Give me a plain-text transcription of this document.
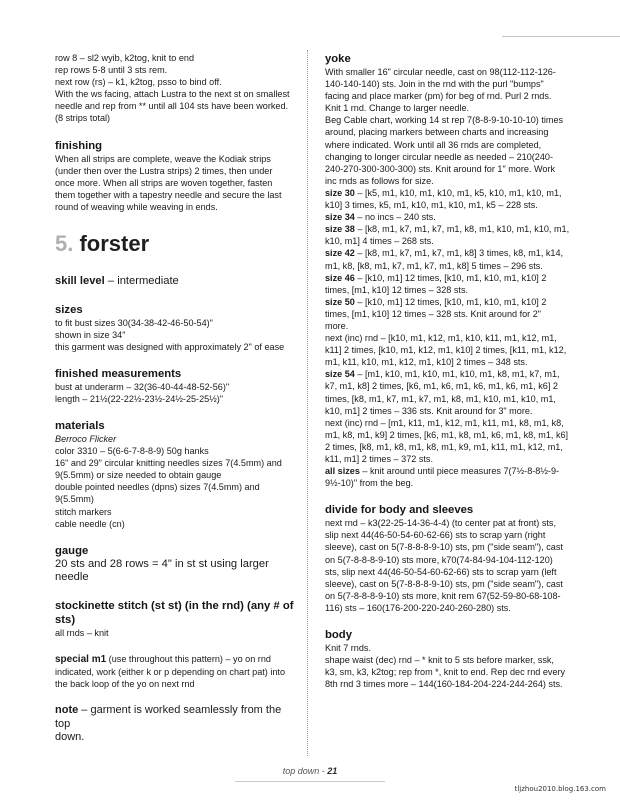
row 8 – sl2 wyib, k2tog, knit to end

rep rows 5-8 until 3 sts rem.

next row (rs) – k1, k2tog, psso to bind off.

With the ws facing, attach Lustra to the next st on smallest

needle and rep from ** until all 104 sts have been worked.

(8 strips total)

finishing

When all strips are complete, weave the Kodiak strips

(under then over the Lustra strips) 2 times, then under

once more. When all strips are woven together, fasten

them together with a tapestry needle and secure the last

round of weaving while weaving in ends.

5. forster

skill level – intermediate

sizes

to fit bust sizes 30(34-38-42-46-50-54)"

shown in size 34"

this garment was designed with approximately 2" of ease

finished measurements

bust at underarm – 32(36-40-44-48-52-56)"

length – 21½(22-22½-23½-24½-25-25½)"

materials

Berroco Flicker

color 3310 – 5(6-6-7-8-8-9) 50g hanks

16" and 29" circular knitting needles sizes 7(4.5mm) and

9(5.5mm) or size needed to obtain gauge

double pointed needles (dpns) sizes 7(4.5mm) and

9(5.5mm)

stitch markers

cable needle (cn)

gauge

20 sts and 28 rows = 4" in st st using larger needle

stockinette stitch (st st) (in the rnd) (any # of sts)

all rnds – knit

special m1 (use throughout this pattern) – yo on rnd

indicated, work (either k or p depending on chart pat) into

the back loop of the yo on next rnd

note – garment is worked seamlessly from the top

down.

yoke

With smaller 16" circular needle, cast on 98(112-112-126-

140-140-140) sts. Join in the rnd with the purl "bumps"

facing and place marker (pm) for beg of rnd. Purl 2 rnds.

Knit 1 rnd. Change to larger needle.

Beg Cable chart, working 14 st rep 7(8-8-9-10-10-10) times

around, placing markers between charts and increasing

where indicated. Work until all 36 rnds are completed,

changing to longer circular needle as needed – 210(240-

240-270-300-300-300) sts. Knit around for 1" more. Work

inc rnds as follows for size.

size 30 – [k5, m1, k10, m1, k10, m1, k5, k10, m1, k10, m1,

k10] 3 times, k5, m1, k10, m1, k10, m1, k5 – 228 sts.

size 34 – no incs – 240 sts.

size 38 – [k8, m1, k7, m1, k7, m1, k8, m1, k10, m1, k10, m1,

k10, m1] 4 times – 268 sts.

size 42 – [k8, m1, k7, m1, k7, m1, k8] 3 times, k8, m1, k14,

m1, k8, [k8, m1, k7, m1, k7, m1, k8] 5 times – 296 sts.

size 46 – [k10, m1] 12 times, [k10, m1, k10, m1, k10] 2

times, [m1, k10] 12 times – 328 sts.

size 50 – [k10, m1] 12 times, [k10, m1, k10, m1, k10] 2

times, [m1, k10] 12 times – 328 sts. Knit around for 2"

more.

next (inc) rnd – [k10, m1, k12, m1, k10, k11, m1, k12, m1,

k11] 2 times, [k10, m1, k12, m1, k10] 2 times, [k11, m1, k12,

m1, k11, k10, m1, k12, m1, k10] 2 times – 348 sts.

size 54 – [m1, k10, m1, k10, m1, k10, m1, k8, m1, k7, m1,

k7, m1, k8] 2 times, [k6, m1, k6, m1, k6, m1, k6, m1, k6] 2

times, [k8, m1, k7, m1, k7, m1, k8, m1, k10, m1, k10, m1,

k10, m1] 2 times – 336 sts. Knit around for 3" more.

next (inc) rnd – [m1, k11, m1, k12, m1, k11, m1, k8, m1, k8,

m1, k8, m1, k9] 2 times, [k6, m1, k8, m1, k6, m1, k8, m1, k6]

2 times, [k8, m1, k8, m1, k8, m1, k9, m1, k11, m1, k12, m1,

k11, m1] 2 times – 372 sts.

all sizes – knit around until piece measures 7(7½-8-8½-9-

9½-10)" from the beg.

divide for body and sleeves

next rnd – k3(22-25-14-36-4-4) (to center pat at front) sts,

slip next 44(46-50-54-60-62-66) sts to scrap yarn (right

sleeve), cast on 5(7-8-8-8-9-10) sts, pm ("side seam"), cast

on 5(7-8-8-8-9-10) sts more, k70(74-84-94-104-112-120)

sts, slip next 44(46-50-54-60-62-66) sts to scrap yarn (left

sleeve), cast on 5(7-8-8-8-9-10) sts, pm ("side seam"), cast

on 5(7-8-8-8-9-10) sts more, knit rem 67(52-59-80-68-108-

116) sts – 160(176-200-220-240-260-280) sts.

body

Knit 7 rnds.

shape waist (dec) rnd – * knit to 5 sts before marker, ssk,

k3, sm, k3, k2tog; rep from *, knit to end. Rep dec rnd every

8th rnd 3 times more – 144(160-184-204-224-244-264) sts.

top down - 21
tljzhou2010.blog.163.com
